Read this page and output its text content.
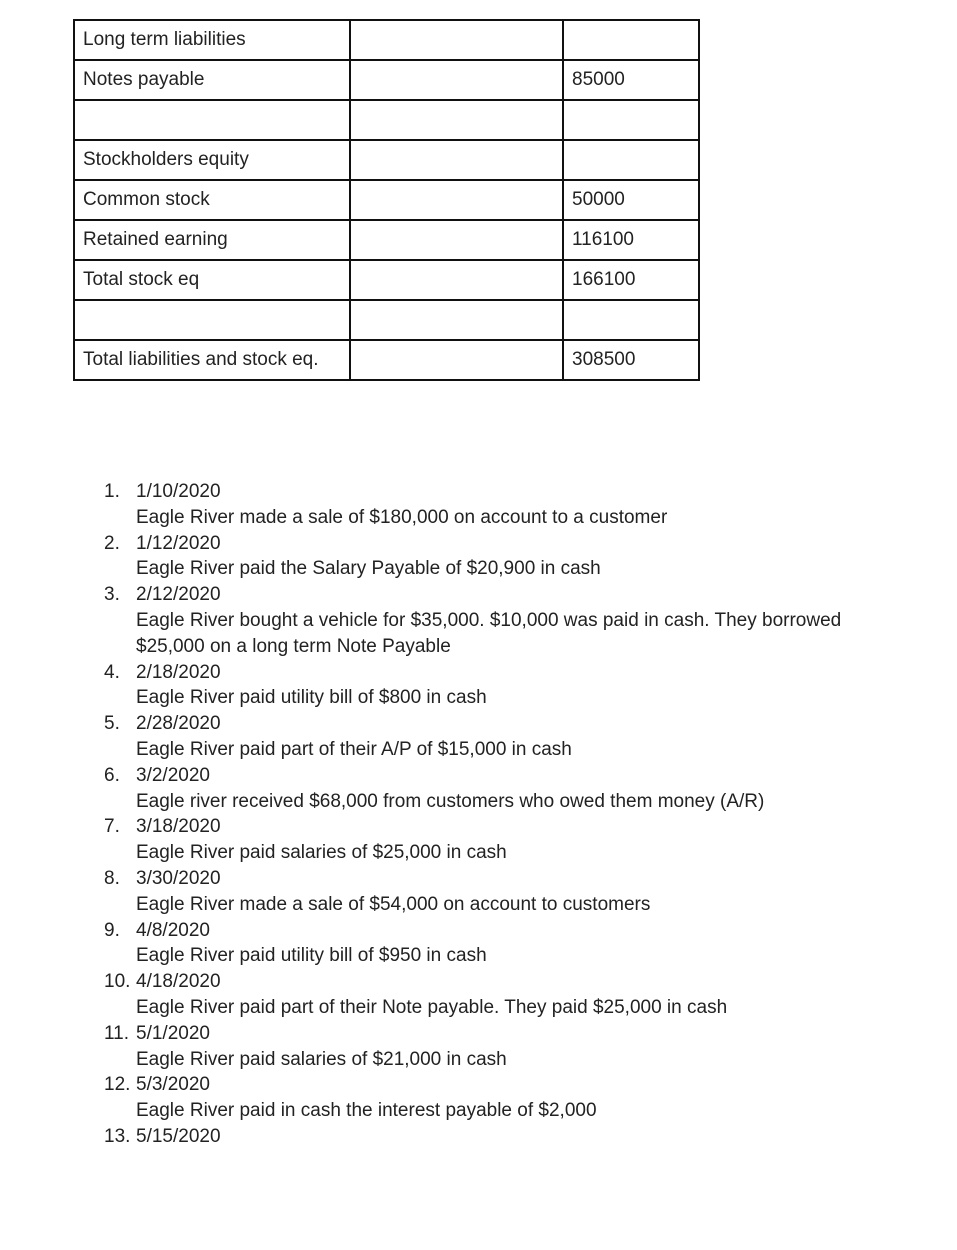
Long term liabilities		
Notes payable		85000

Stockholders equity		
Common stock		50000
Retained earning		116100
Total stock eq		166100

Total liabilities and stock eq.		308500
1. 1/10/2020
Eagle River made a sale of $180,000 on account to a customer
2. 1/12/2020
Eagle River paid the Salary Payable of $20,900 in cash
3. 2/12/2020
Eagle River bought a vehicle for $35,000. $10,000 was paid in cash. They borrowed $25,000 on a long term Note Payable
4. 2/18/2020
Eagle River paid utility bill of $800 in cash
5. 2/28/2020
Eagle River paid part of their A/P of $15,000 in cash
6. 3/2/2020
Eagle river received $68,000 from customers who owed them money (A/R)
7. 3/18/2020
Eagle River paid salaries of $25,000 in cash
8. 3/30/2020
Eagle River made a sale of $54,000 on account to customers
9. 4/8/2020
Eagle River paid utility bill of $950 in cash
10. 4/18/2020
Eagle River paid part of their Note payable. They paid $25,000 in cash
11. 5/1/2020
Eagle River paid salaries of $21,000 in cash
12. 5/3/2020
Eagle River paid in cash the interest payable of $2,000
13. 5/15/2020
